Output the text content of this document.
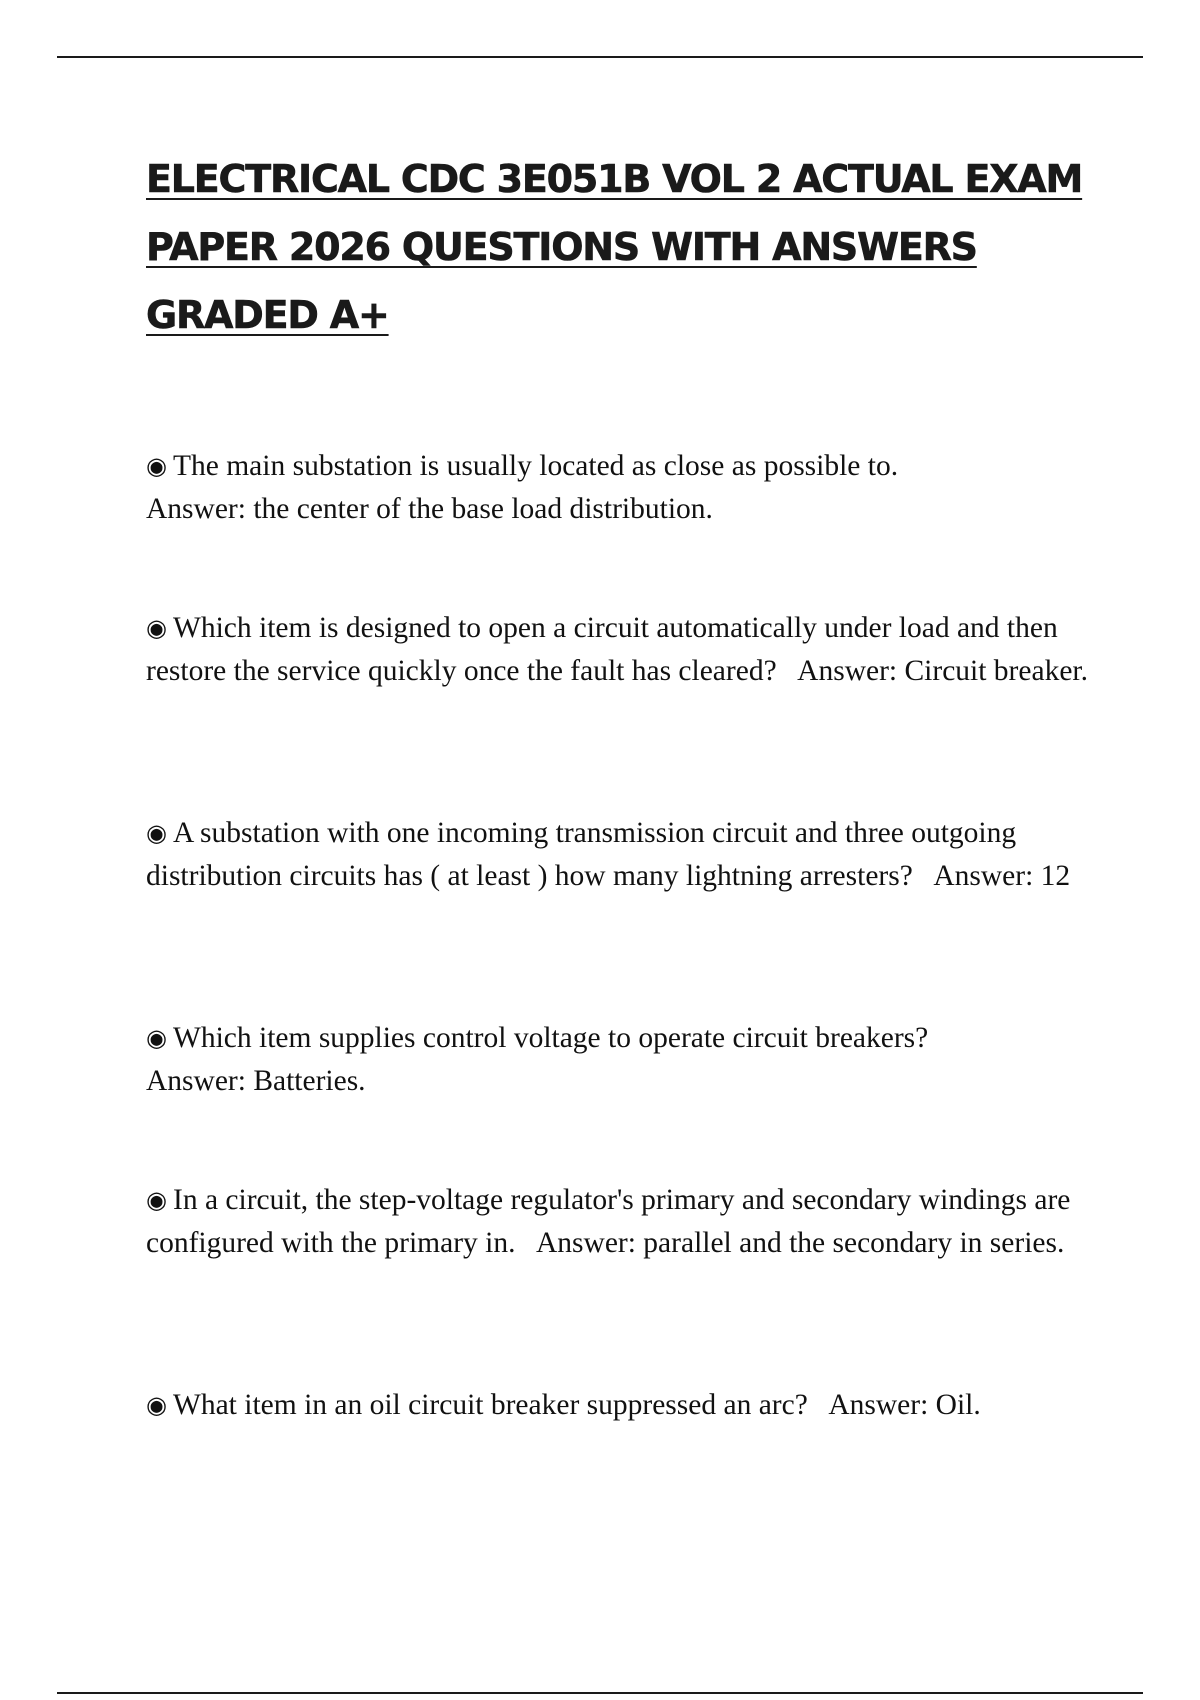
ELECTRICAL CDC 3E051B VOL 2 ACTUAL EXAM PAPER 2026 QUESTIONS WITH ANSWERS GRADED A+
◉ The main substation is usually located as close as possible to.
Answer: the center of the base load distribution.
◉ Which item is designed to open a circuit automatically under load and then restore the service quickly once the fault has cleared? Answer: Circuit breaker.
◉ A substation with one incoming transmission circuit and three outgoing distribution circuits has ( at least ) how many lightning arresters? Answer: 12
◉ Which item supplies control voltage to operate circuit breakers?
Answer: Batteries.
◉ In a circuit, the step-voltage regulator's primary and secondary windings are configured with the primary in. Answer: parallel and the secondary in series.
◉ What item in an oil circuit breaker suppressed an arc? Answer: Oil.
